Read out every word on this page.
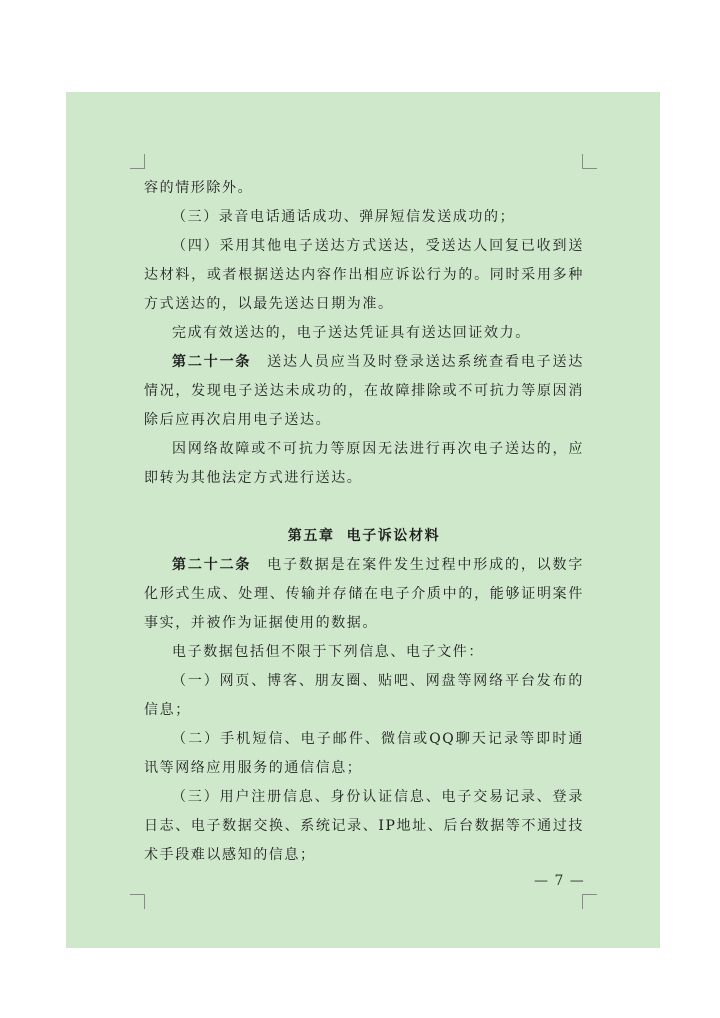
容的情形除外。

（三）录音电话通话成功、弹屏短信发送成功的；

（四）采用其他电子送达方式送达，受送达人回复已收到送达材料，或者根据送达内容作出相应诉讼行为的。同时采用多种方式送达的，以最先送达日期为准。

完成有效送达的，电子送达凭证具有送达回证效力。

第二十一条　 送达人员应当及时登录送达系统查看电子送达情况，发现电子送达未成功的，在故障排除或不可抗力等原因消除后应再次启用电子送达。

因网络故障或不可抗力等原因无法进行再次电子送达的，应即转为其他法定方式进行送达。

第五章 电子诉讼材料

第二十二条　 电子数据是在案件发生过程中形成的，以数字化形式生成、处理、传输并存储在电子介质中的，能够证明案件事实，并被作为证据使用的数据。

电子数据包括但不限于下列信息、电子文件：

（一）网页、博客、朋友圈、贴吧、网盘等网络平台发布的信息；

（二）手机短信、电子邮件、微信或QQ聊天记录等即时通讯等网络应用服务的通信信息；

（三）用户注册信息、身份认证信息、电子交易记录、登录日志、电子数据交换、系统记录、IP地址、后台数据等不通过技术手段难以感知的信息；

— 7 —
